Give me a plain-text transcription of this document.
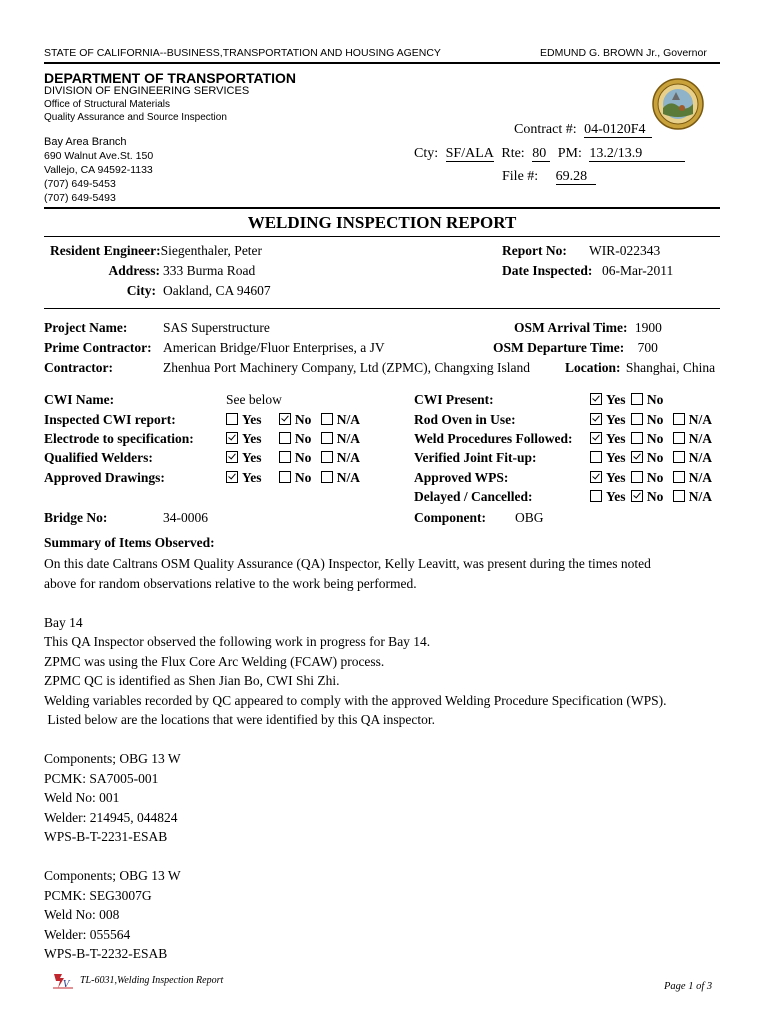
STATE OF CALIFORNIA--BUSINESS,TRANSPORTATION AND HOUSING AGENCY	EDMUND G. BROWN Jr., Governor
DEPARTMENT OF TRANSPORTATION
DIVISION OF ENGINEERING SERVICES
Office of Structural Materials
Quality Assurance and Source Inspection
Bay Area Branch
690 Walnut Ave.St. 150
Vallejo, CA 94592-1133
(707) 649-5453
(707) 649-5493
Contract #: 04-0120F4
Cty: SF/ALA Rte: 80 PM: 13.2/13.9
File #: 69.28
WELDING INSPECTION REPORT
Resident Engineer:Siegenthaler, Peter
Address: 333 Burma Road
City: Oakland, CA 94607
Report No: WIR-022343
Date Inspected: 06-Mar-2011
Project Name:	SAS Superstructure
Prime Contractor: American Bridge/Fluor Enterprises, a JV
Contractor:	Zhenhua Port Machinery Company, Ltd (ZPMC), Changxing Island
OSM Arrival Time: 1900
OSM Departure Time: 700
Location: Shanghai, China
CWI Name:	See below
Inspected CWI report:	Yes No N/A
Electrode to specification:	Yes No N/A
Qualified Welders:	Yes No N/A
Approved Drawings:	Yes No N/A
CWI Present:	Yes No
Rod Oven in Use:	Yes No N/A
Weld Procedures Followed:	Yes No N/A
Verified Joint Fit-up:	Yes No N/A
Approved WPS:	Yes No N/A
Delayed / Cancelled:	Yes No N/A
Bridge No:	34-0006	Component: OBG
Summary of Items Observed:
On this date Caltrans OSM Quality Assurance (QA) Inspector, Kelly Leavitt, was present during the times noted
above for random observations relative to the work being performed.

Bay 14
This QA Inspector observed the following work in progress for Bay 14.
ZPMC was using the Flux Core Arc Welding (FCAW) process.
ZPMC QC is identified as Shen Jian Bo, CWI Shi Zhi.
Welding variables recorded by QC appeared to comply with the approved Welding Procedure Specification (WPS).
Listed below are the locations that were identified by this QA inspector.

Components; OBG 13 W
PCMK: SA7005-001
Weld No: 001
Welder: 214945, 044824
WPS-B-T-2231-ESAB

Components; OBG 13 W
PCMK: SEG3007G
Weld No: 008
Welder: 055564
WPS-B-T-2232-ESAB
V TL-6031,Welding Inspection Report
Page 1 of 3
